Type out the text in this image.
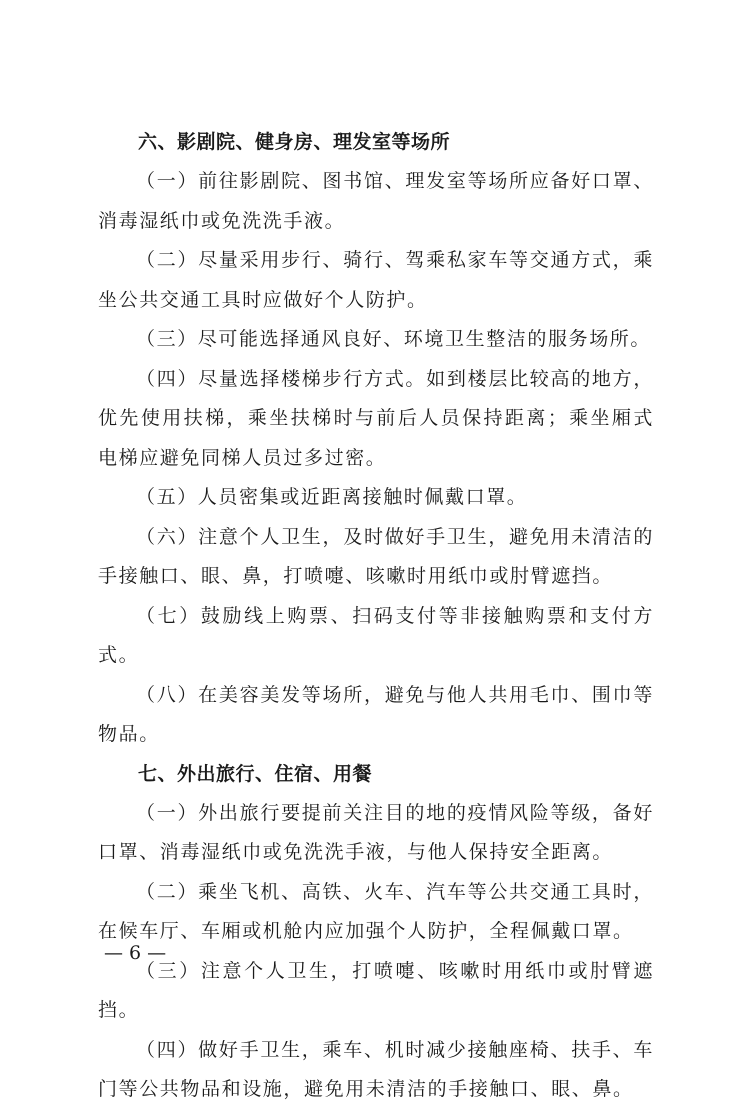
六、影剧院、健身房、理发室等场所

（一）前往影剧院、图书馆、理发室等场所应备好口罩、消毒湿纸巾或免洗洗手液。

（二）尽量采用步行、骑行、驾乘私家车等交通方式，乘坐公共交通工具时应做好个人防护。

（三）尽可能选择通风良好、环境卫生整洁的服务场所。

（四）尽量选择楼梯步行方式。如到楼层比较高的地方，优先使用扶梯，乘坐扶梯时与前后人员保持距离；乘坐厢式电梯应避免同梯人员过多过密。

（五）人员密集或近距离接触时佩戴口罩。

（六）注意个人卫生，及时做好手卫生，避免用未清洁的手接触口、眼、鼻，打喷嚏、咳嗽时用纸巾或肘臂遮挡。

（七）鼓励线上购票、扫码支付等非接触购票和支付方式。

（八）在美容美发等场所，避免与他人共用毛巾、围巾等物品。

七、外出旅行、住宿、用餐

（一）外出旅行要提前关注目的地的疫情风险等级，备好口罩、消毒湿纸巾或免洗洗手液，与他人保持安全距离。

（二）乘坐飞机、高铁、火车、汽车等公共交通工具时，在候车厅、车厢或机舱内应加强个人防护，全程佩戴口罩。

（三）注意个人卫生，打喷嚏、咳嗽时用纸巾或肘臂遮挡。

（四）做好手卫生，乘车、机时减少接触座椅、扶手、车门等公共物品和设施，避免用未清洁的手接触口、眼、鼻。

— 6 —
